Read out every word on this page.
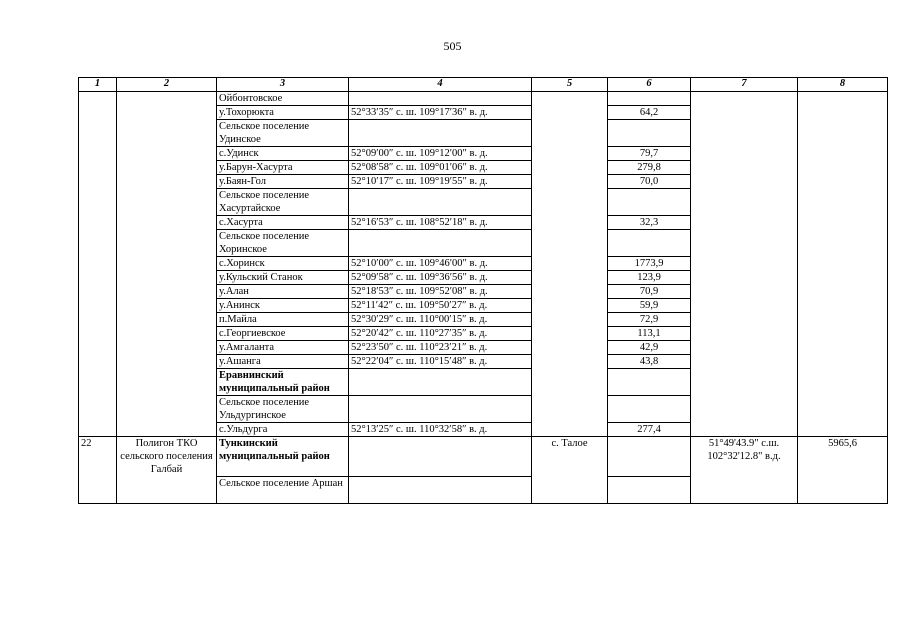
505
1	2	3	4	5	6	7	8
		Ойбонтовское					
		у.Тохорюкта	52°33′35″ с. ш. 109°17′36″ в. д.		64,2		
		Сельское поселение Удинское					
		с.Удинск	52°09′00″ с. ш. 109°12′00″ в. д.		79,7		
		у.Барун-Хасурта	52°08′58″ с. ш. 109°01′06″ в. д.		279,8		
		у.Баян-Гол	52°10′17″ с. ш. 109°19′55″ в. д.		70,0		
		Сельское поселение Хасуртайское					
		с.Хасурта	52°16′53″ с. ш. 108°52′18″ в. д.		32,3		
		Сельское поселение Хоринское					
		с.Хоринск	52°10′00″ с. ш. 109°46′00″ в. д.		1773,9		
		у.Кульский Станок	52°09′58″ с. ш. 109°36′56″ в. д.		123,9		
		у.Алан	52°18′53″ с. ш. 109°52′08″ в. д.		70,9		
		у.Анинск	52°11′42″ с. ш. 109°50′27″ в. д.		59,9		
		п.Майла	52°30′29″ с. ш. 110°00′15″ в. д.		72,9		
		с.Георгиевское	52°20′42″ с. ш. 110°27′35″ в. д.		113,1		
		у.Амгаланта	52°23′50″ с. ш. 110°23′21″ в. д.		42,9		
		у.Ашанга	52°22′04″ с. ш. 110°15′48″ в. д.		43,8		
		Еравнинский муниципальный район					
		Сельское поселение Ульдургинское					
		с.Ульдурга	52°13′25″ с. ш. 110°32′58″ в. д.		277,4		
22	Полигон ТКО сельского поселения Галбай	Тункинский муниципальный район		с. Талое		51°49'43.9" с.ш. 102°32'12.8" в.д.	5965,6
		Сельское поселение Аршан					
